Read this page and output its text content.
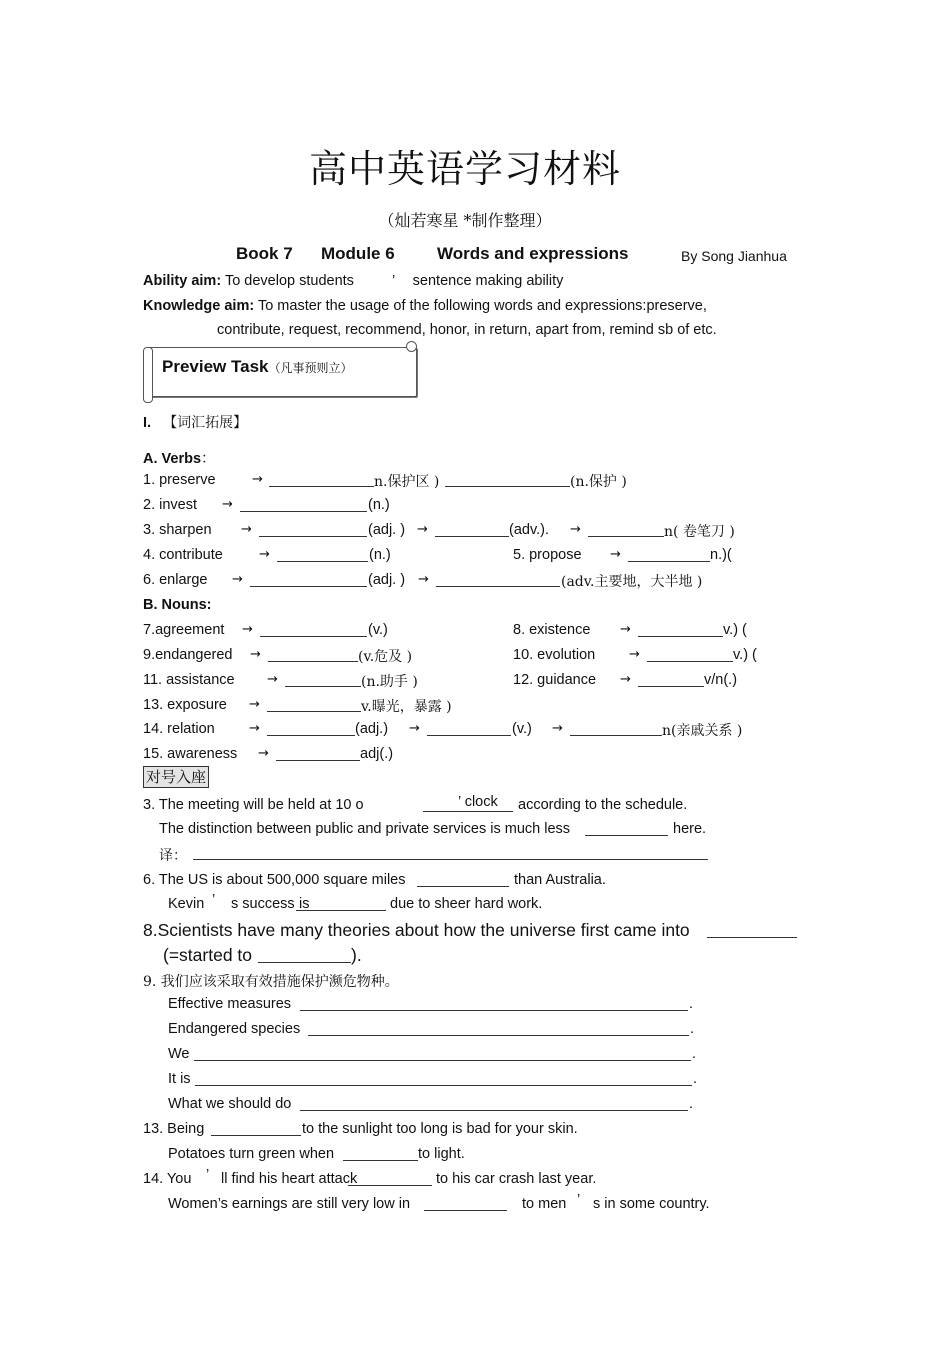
高中英语学习材料
（灿若寒星 *制作整理）
Book 7 Module 6 Words and expressions	By Song Jianhua
Ability aim: To develop students	’ sentence making ability
Knowledge aim: To master the usage of the following words and expressions:preserve,
contribute, request, recommend, honor, in return, apart from, remind sb of etc.
Preview Task（凡事预则立）
I. 【词汇拓展】
A. Verbs：
1. preserve	→	n.保护区 )	(n.保护 )
2. invest →	(n.)
3. sharpen →	(adj. ) →	(adv.). →	n( 卷笔刀 )
4. contribute	→	(n.)	5. propose →	n.)(
6. enlarge →	(adj. ) →	(adv.主要地，大半地 )
B. Nouns:
7.agreement →	(v.)	8. existence →	v.) (
9.endangered →	(v.危及 )	10. evolution	→	v.) (
11. assistance →	(n.助手 )	12. guidance →	v/n(.)
13. exposure →	v.曝光，暴露 )
14. relation	→	(adj.) →	(v.) →	n(亲戚关系 )
15. awareness →	adj(.)
对号入座
3. The meeting will be held at 10 o	’ clock according to the schedule.
The distinction between public and private services is much less	here.
译：
6. The US is about 500,000 square miles	than Australia.
Kevin ’ s success is	due to sheer hard work.
8.Scientists have many theories about how the universe first came into
(=started to	).
9. 我们应该采取有效措施保护濒危物种。
Effective measures	.
Endangered species	.
We	.
It is	.
What we should do	.
13. Being	to the sunlight too long is bad for your skin.
Potatoes turn green when	to light.
14. You ’ ll find his heart attack	to his car crash last year.
Women’s earnings are still very low in	to men ’ s in some country.
